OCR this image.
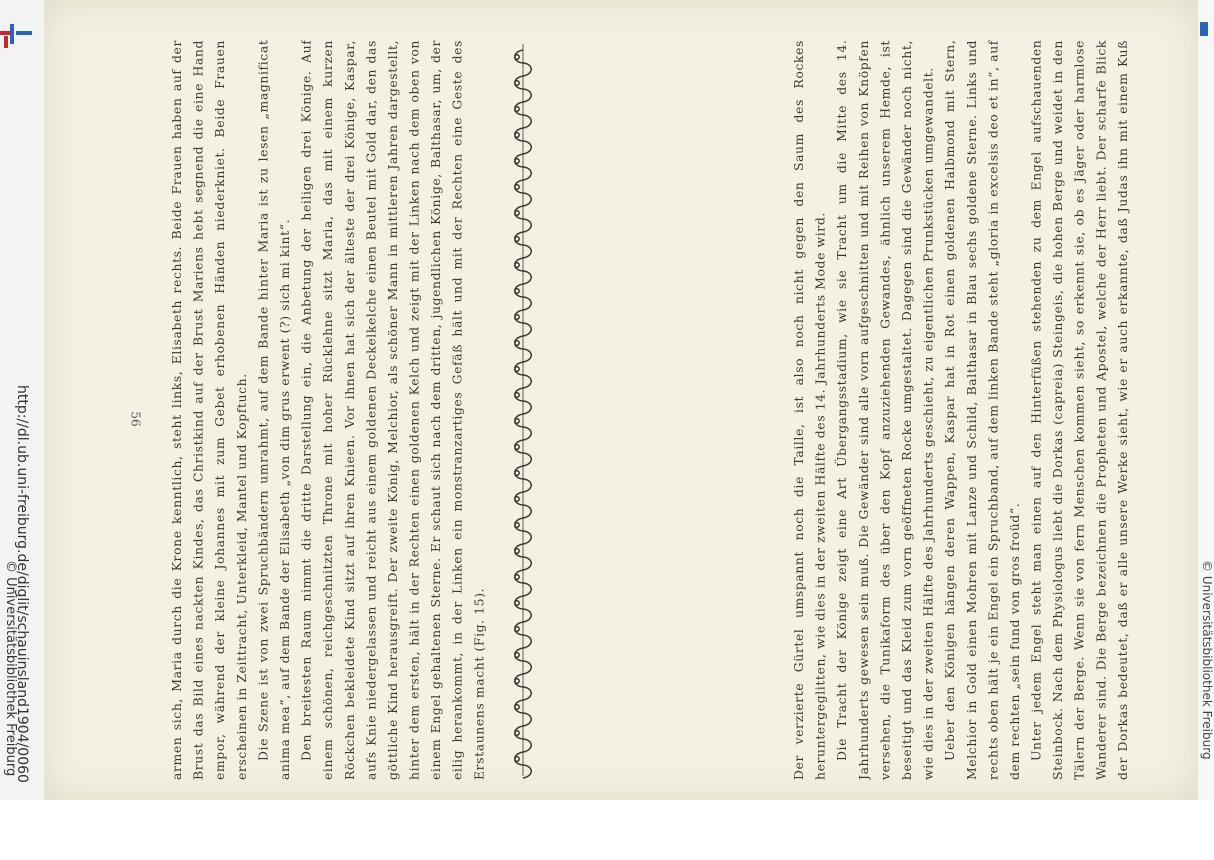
http://dl.ub.uni-freiburg.de/diglit/schauinsland1904/0060
© Universitätsbibliothek Freiburg	armen sich, Maria durch die Krone kenntlich, steht links, Elisabeth rechts. Beide Frauen haben auf der Brust das Bild eines nackten Kindes, das Christkind auf der Brust Mariens hebt segnend die eine Hand empor, während der kleine Johannes mit zum Gebet erhobenen Händen niederkniet. Beide Frauen erscheinen in Zeittracht, Unterkleid, Mantel und Kopftuch. Die Szene ist von zwei Spruchbändern umrahmt, auf dem Bande hinter Maria ist zu lesen „magnificat anima mea“, auf dem Bande der Elisabeth „von dim grus erwent (?) sich mi kint“. Den breitesten Raum nimmt die dritte Darstellung ein, die Anbetung der heiligen drei Könige. Auf einem schönen, reichgeschnitzten Throne mit hoher Rücklehne sitzt Maria, das mit einem kurzen Röckchen bekleidete Kind sitzt auf ihren Knieen. Vor ihnen hat sich der älteste der drei Könige, Kaspar, aufs Knie niedergelassen und reicht aus einem goldenen Deckelkelche einen Beutel mit Gold dar, den das göttliche Kind herausgreift. Der zweite König, Melchior, als schöner Mann in mittleren Jahren dargestellt, hinter dem ersten, hält in der Rechten einen goldenen Kelch und zeigt mit der Linken nach dem oben von einem Engel gehaltenen Sterne. Er schaut sich nach dem dritten, jugendlichen Könige, Balthasar, um, der eilig herankommt, in der Linken ein monstranzartiges Gefäß hält und mit der Rechten eine Geste des Erstaunens macht (Fig. 15).	Der verzierte Gürtel umspannt noch die Taille, ist also noch nicht gegen den Saum des Rockes heruntergeglitten, wie dies in der zweiten Hälfte des 14. Jahrhunderts Mode wird. Die Tracht der Könige zeigt eine Art Übergangsstadium, wie sie Tracht um die Mitte des 14. Jahrhunderts gewesen sein muß. Die Gewänder sind alle vorn aufgeschnitten und mit Reihen von Knöpfen versehen, die Tunikaform des über den Kopf anzuziehenden Gewandes, ähnlich unserem Hemde, ist beseitigt und das Kleid zum vorn geöffneten Rocke umgestaltet. Dagegen sind die Gewänder noch nicht, wie dies in der zweiten Hälfte des Jahrhunderts geschieht, zu eigentlichen Prunkstücken umgewandelt. Ueber den Königen hängen deren Wappen, Kaspar hat in Rot einen goldenen Halbmond mit Stern, Melchior in Gold einen Mohren mit Lanze und Schild, Balthasar in Blau sechs goldene Sterne. Links und rechts oben hält je ein Engel ein Spruchband, auf dem linken Bande steht „gloria in excelsis deo et in“, auf dem rechten „sein fund von gros froüd“. Unter jedem Engel steht man einen auf den Hinterfüßen stehenden zu dem Engel aufschauenden Steinbock. Nach dem Physiologus liebt die Dorkas (capreia) Steingeis, die hohen Berge und weidet in den Tälern der Berge. Wenn sie von fern Menschen kommen sieht, so erkennt sie, ob es Jäger oder harmlose Wanderer sind. Die Berge bezeichnen die Propheten und Apostel, welche der Herr liebt. Der scharfe Blick der Dorkas bedeutet, daß er alle unsere Werke sieht, wie er auch erkannte, daß Judas ihn mit einem Kuß

56
© Universitätsbibliothek Freiburg
